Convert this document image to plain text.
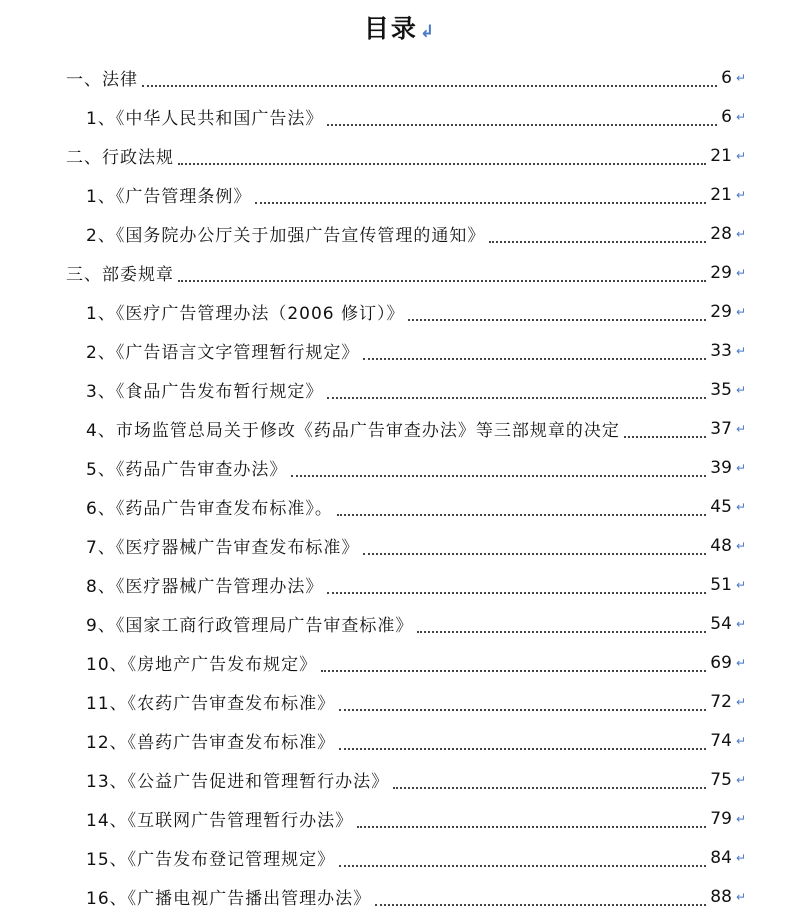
目录 ↲
一、法律	6 ↵
1、《中华人民共和国广告法》	6 ↵
二、行政法规	21 ↵
1、《广告管理条例》	21 ↵
2、《国务院办公厅关于加强广告宣传管理的通知》	28 ↵
三、部委规章	29 ↵
1、《医疗广告管理办法（2006 修订）》	29 ↵
2、《广告语言文字管理暂行规定》	33 ↵
3、《食品广告发布暂行规定》	35 ↵
4、市场监管总局关于修改《药品广告审查办法》等三部规章的决定	37 ↵
5、《药品广告审查办法》	39 ↵
6、《药品广告审查发布标准》。	45 ↵
7、《医疗器械广告审查发布标准》	48 ↵
8、《医疗器械广告管理办法》	51 ↵
9、《国家工商行政管理局广告审查标准》	54 ↵
10、《房地产广告发布规定》	69 ↵
11、《农药广告审查发布标准》	72 ↵
12、《兽药广告审查发布标准》	74 ↵
13、《公益广告促进和管理暂行办法》	75 ↵
14、《互联网广告管理暂行办法》	79 ↵
15、《广告发布登记管理规定》	84 ↵
16、《广播电视广告播出管理办法》	88 ↵
